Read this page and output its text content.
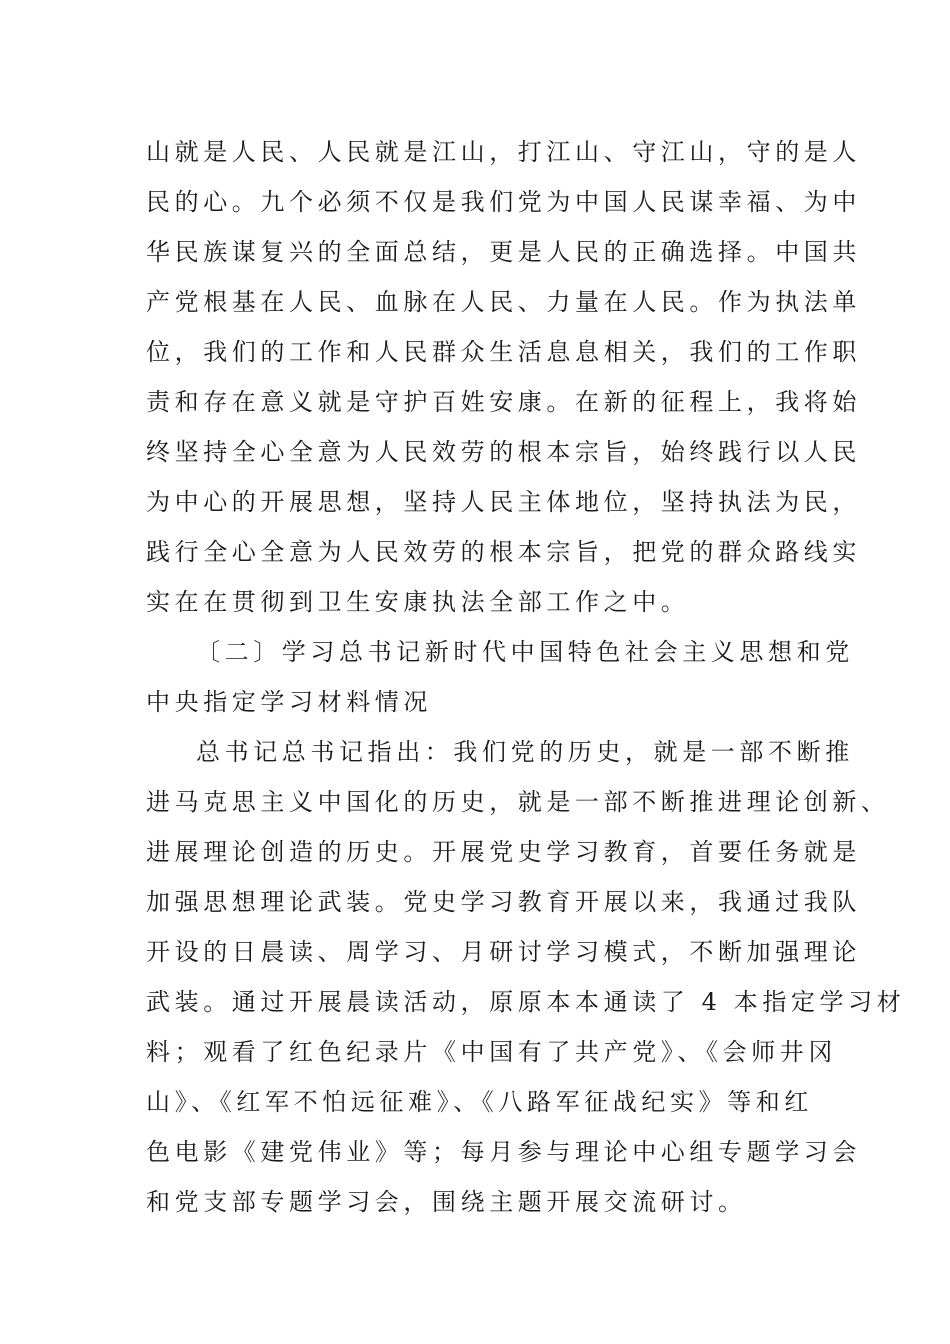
山就是人民、人民就是江山，打江山、守江山，守的是人
民的心。九个必须不仅是我们党为中国人民谋幸福、为中
华民族谋复兴的全面总结，更是人民的正确选择。中国共
产党根基在人民、血脉在人民、力量在人民。作为执法单
位，我们的工作和人民群众生活息息相关，我们的工作职
责和存在意义就是守护百姓安康。在新的征程上，我将始
终坚持全心全意为人民效劳的根本宗旨，始终践行以人民
为中心的开展思想，坚持人民主体地位，坚持执法为民，
践行全心全意为人民效劳的根本宗旨，把党的群众路线实
实在在贯彻到卫生安康执法全部工作之中。
〔二〕学习总书记新时代中国特色社会主义思想和党
中央指定学习材料情况
总书记总书记指出：我们党的历史，就是一部不断推
进马克思主义中国化的历史，就是一部不断推进理论创新、
进展理论创造的历史。开展党史学习教育，首要任务就是
加强思想理论武装。党史学习教育开展以来，我通过我队
开设的日晨读、周学习、月研讨学习模式，不断加强理论
武装。通过开展晨读活动，原原本本通读了 4 本指定学习材
料；观看了红色纪录片《中国有了共产党》、《会师井冈
山》、《红军不怕远征难》、《八路军征战纪实》等和红
色电影《建党伟业》等；每月参与理论中心组专题学习会
和党支部专题学习会，围绕主题开展交流研讨。
